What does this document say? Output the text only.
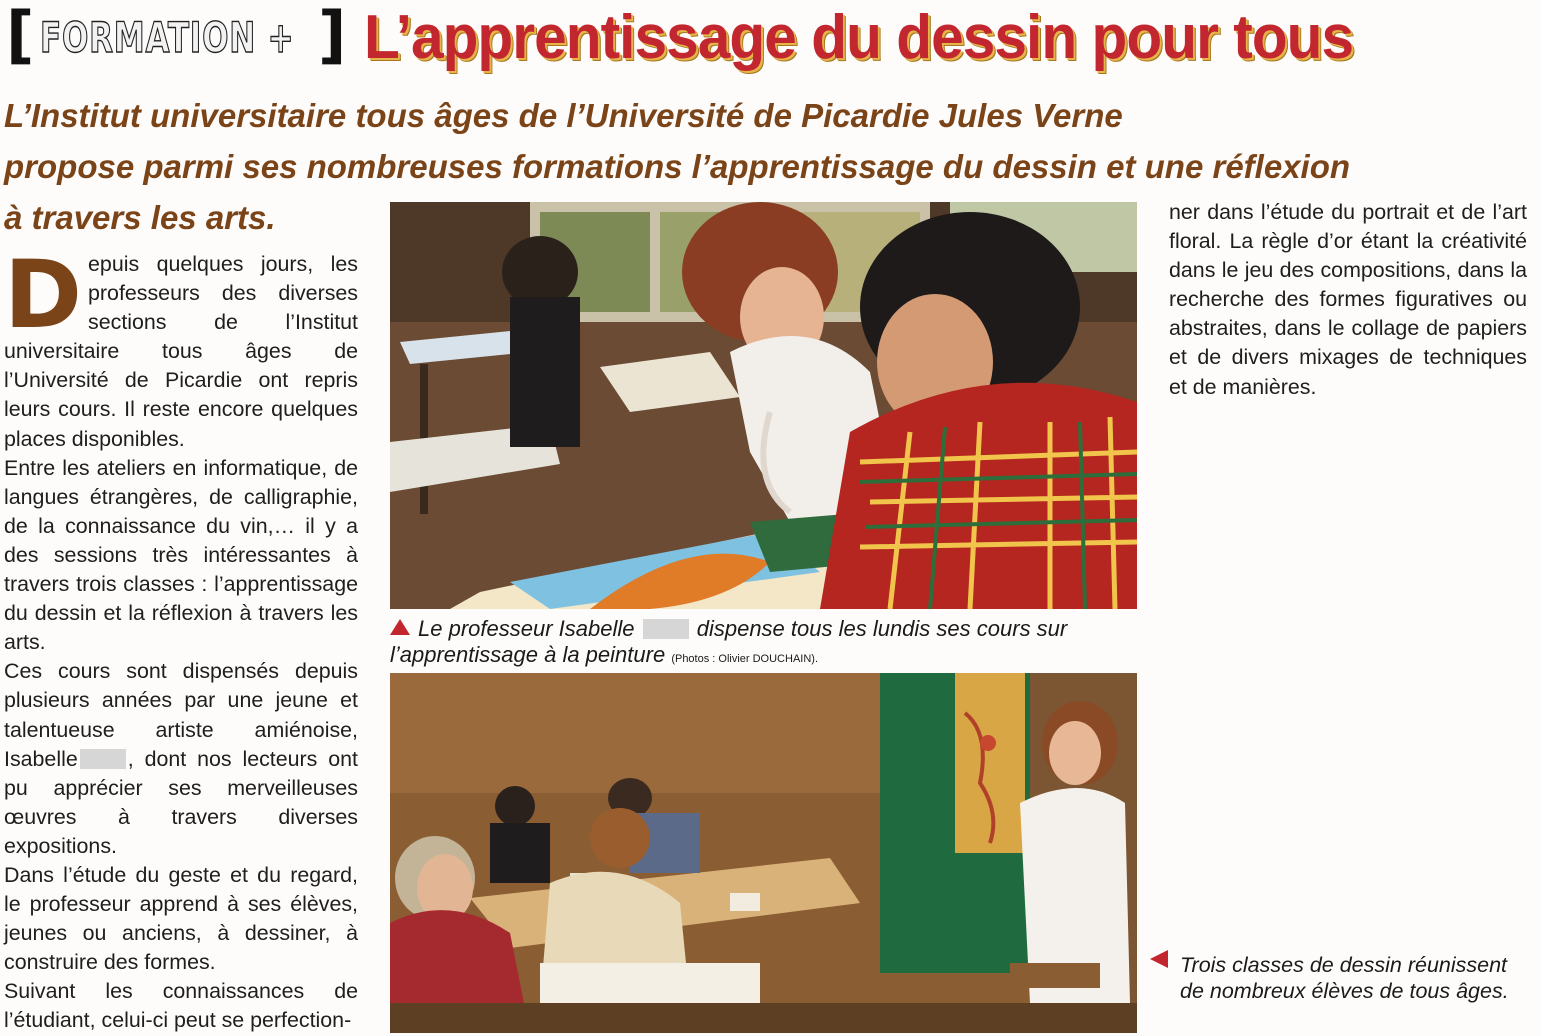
[ FORMATION + ] L’apprentissage du dessin pour tous
L’Institut universitaire tous âges de l’Université de Picardie Jules Verne
propose parmi ses nombreuses formations l’apprentissage du dessin et une réflexion
à travers les arts.

Depuis quelques jours, les professeurs des diverses sections de l’Institut universitaire tous âges de l’Université de Picardie ont repris leurs cours. Il reste encore quelques places disponibles.

Entre les ateliers en informatique, de langues étrangères, de calligraphie, de la connaissance du vin,… il y a des sessions très intéressantes à travers trois classes : l’apprentissage du dessin et la réflexion à travers les arts.

Ces cours sont dispensés depuis plusieurs années par une jeune et talentueuse artiste amiénoise, Isabelle , dont nos lecteurs ont pu apprécier ses merveilleuses œuvres à travers diverses expositions.

Dans l’étude du geste et du regard, le professeur apprend à ses élèves, jeunes ou anciens, à dessiner, à construire des formes.

Suivant les connaissances de l’étudiant, celui-ci peut se perfection-

ner dans l’étude du portrait et de l’art floral. La règle d’or étant la créativité dans le jeu des compositions, dans la recherche des formes figuratives ou abstraites, dans le collage de papiers et de divers mixages de techniques et de manières.

Le professeur Isabelle	dispense tous les lundis ses cours sur l’apprentissage à la peinture (Photos : Olivier DOUCHAIN).
Trois classes de dessin réunissent de nombreux élèves de tous âges.
